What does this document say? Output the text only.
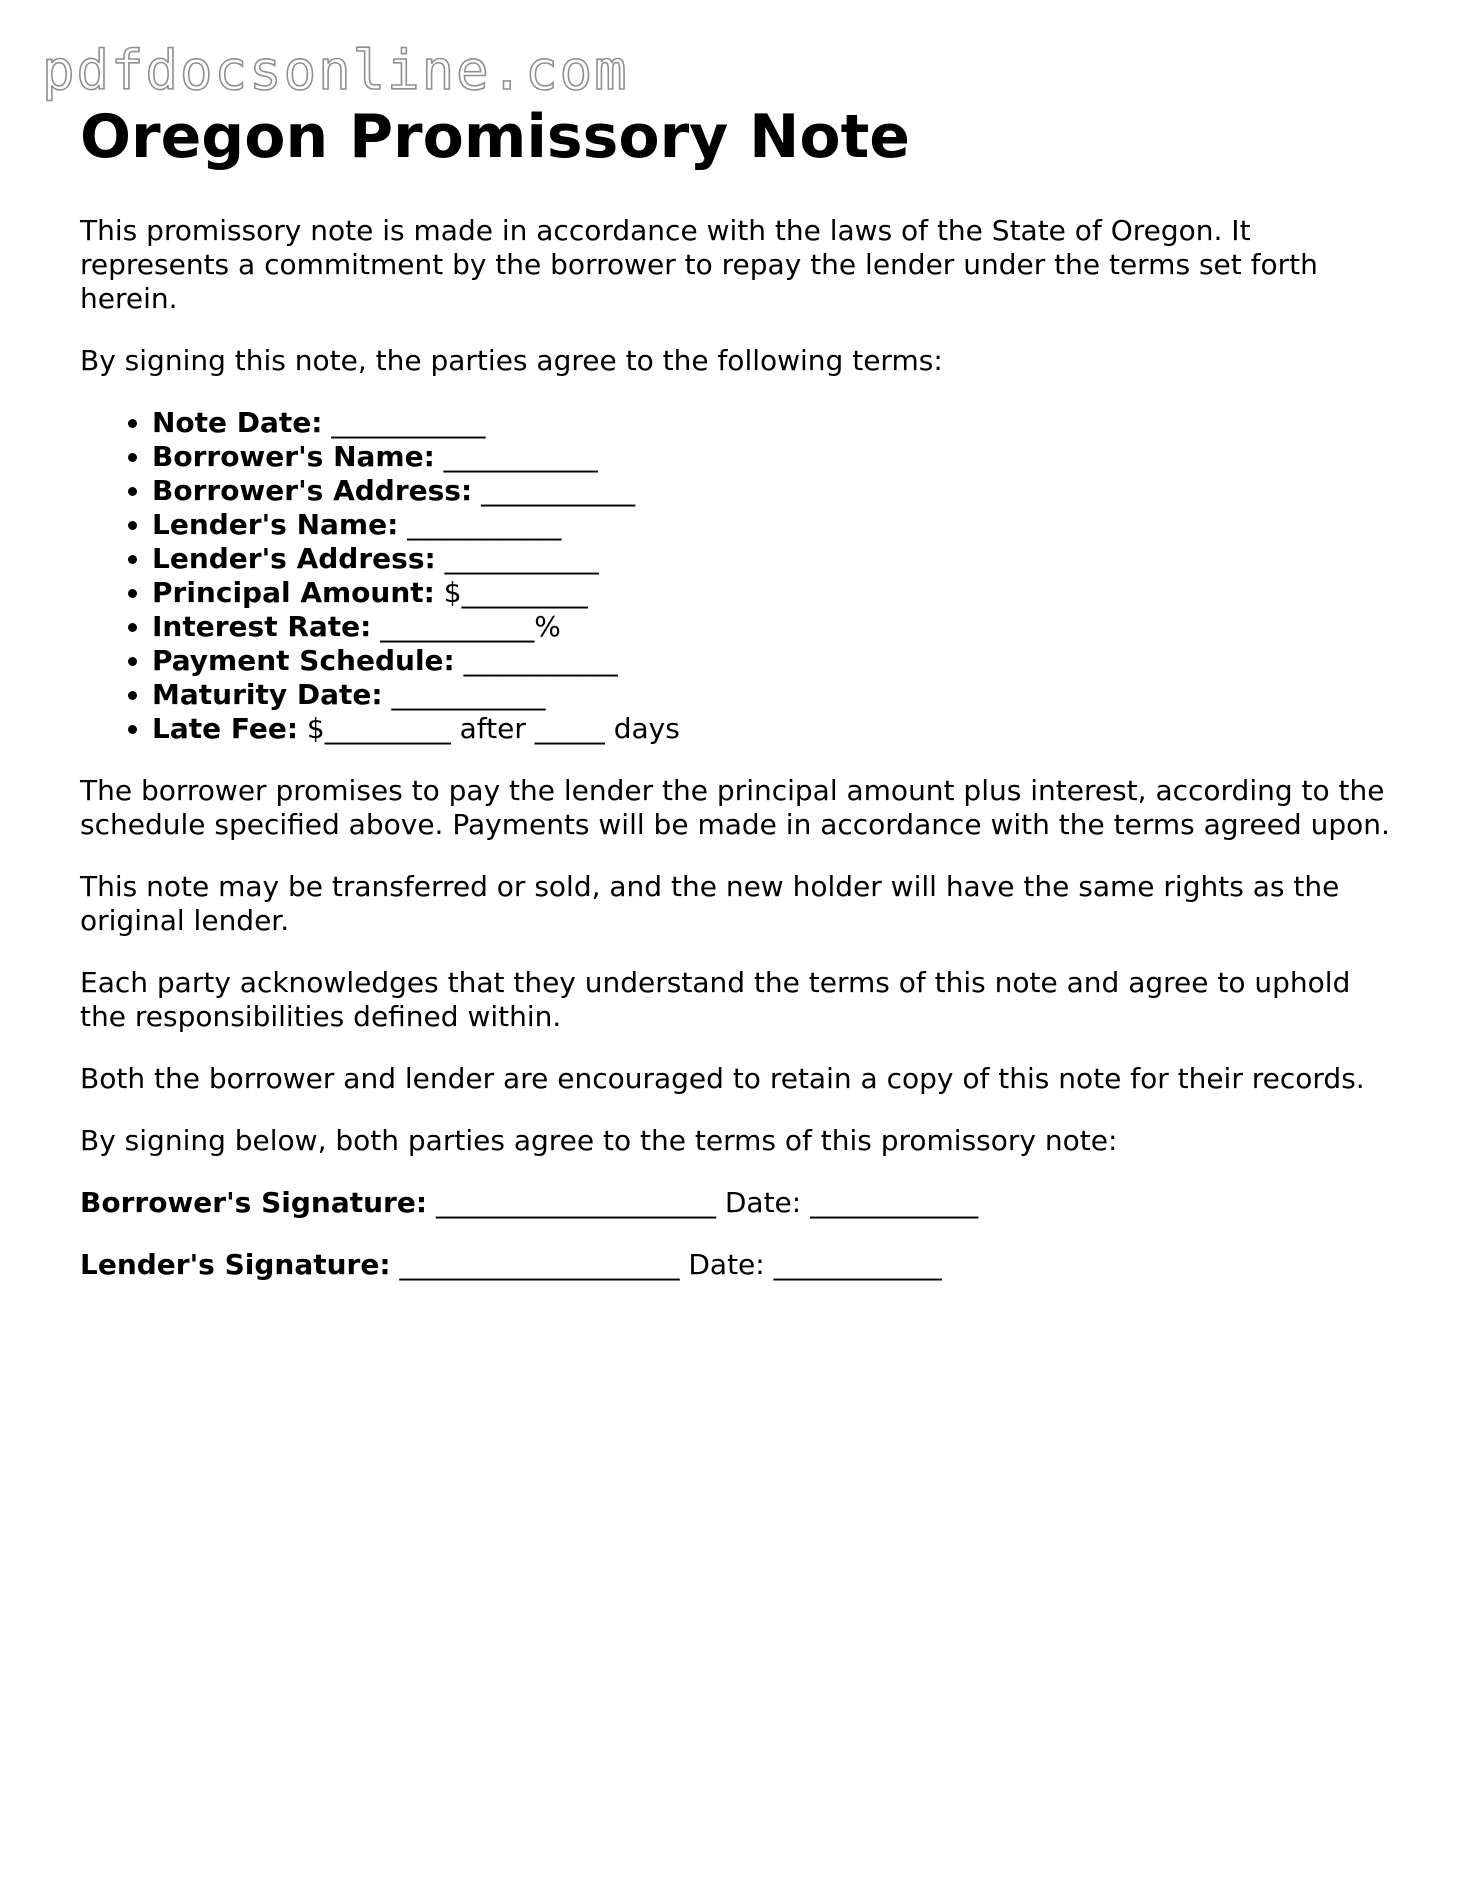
pdfdocsonline.com
Oregon Promissory Note

This promissory note is made in accordance with the laws of the State of Oregon. It represents a commitment by the borrower to repay the lender under the terms set forth herein.

By signing this note, the parties agree to the following terms:

• Note Date: ___________
• Borrower's Name: ___________
• Borrower's Address: ___________
• Lender's Name: ___________
• Lender's Address: ___________
• Principal Amount: $_________
• Interest Rate: ___________%
• Payment Schedule: ___________
• Maturity Date: ___________
• Late Fee: $_________ after _____ days

The borrower promises to pay the lender the principal amount plus interest, according to the schedule specified above. Payments will be made in accordance with the terms agreed upon.

This note may be transferred or sold, and the new holder will have the same rights as the original lender.

Each party acknowledges that they understand the terms of this note and agree to uphold the responsibilities defined within.

Both the borrower and lender are encouraged to retain a copy of this note for their records.

By signing below, both parties agree to the terms of this promissory note:

Borrower's Signature: ____________________ Date: ____________

Lender's Signature: ____________________ Date: ____________
